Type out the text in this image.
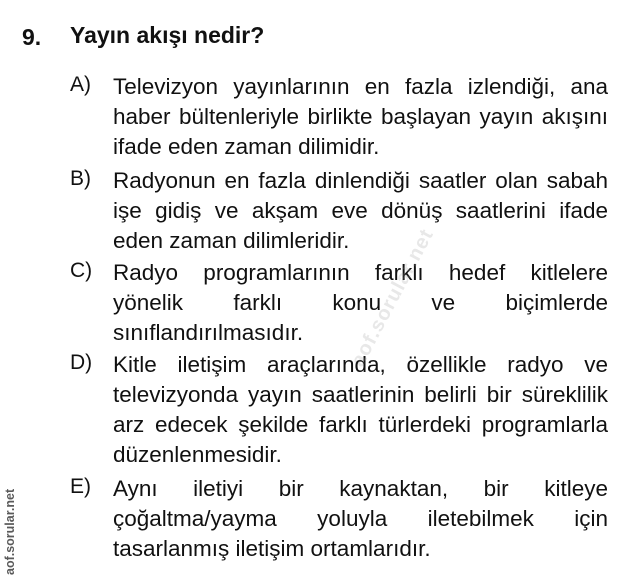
9. Yayın akışı nedir?
A) Televizyon yayınlarının en fazla izlendiği, ana haber bültenleriyle birlikte başlayan yayın akışını ifade eden zaman dilimidir.
B) Radyonun en fazla dinlendiği saatler olan sabah işe gidiş ve akşam eve dönüş saatlerini ifade eden zaman dilimleridir.
C) Radyo programlarının farklı hedef kitlelere yönelik farklı konu ve biçimlerde sınıflandırılmasıdır.
D) Kitle iletişim araçlarında, özellikle radyo ve televizyonda yayın saatlerinin belirli bir süreklilik arz edecek şekilde farklı türlerdeki programlarla düzenlenmesidir.
E) Aynı iletiyi bir kaynaktan, bir kitleye çoğaltma/yayma yoluyla iletebilmek için tasarlanmış iletişim ortamlarıdır.
aof.sorular.net
aof.sorular.net
